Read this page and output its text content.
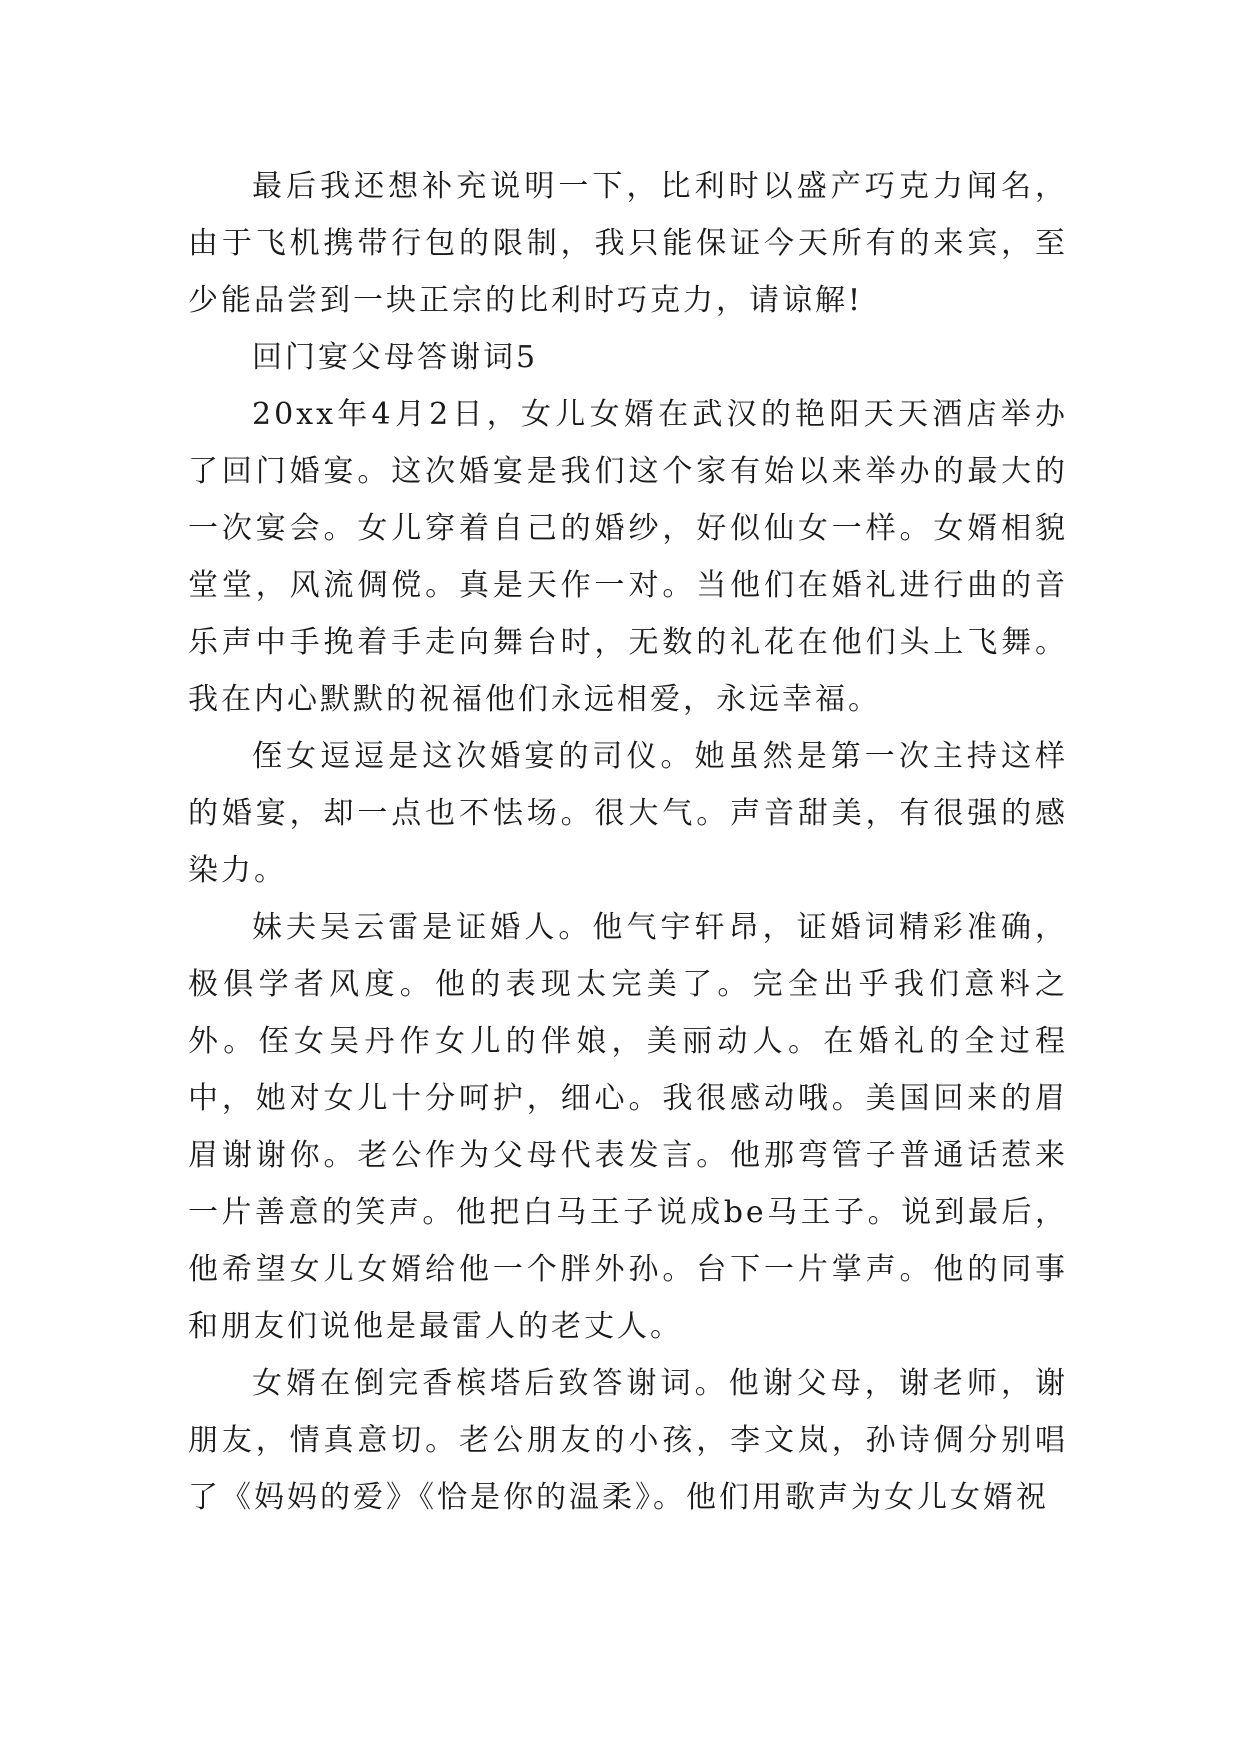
最后我还想补充说明一下，比利时以盛产巧克力闻名，由于飞机携带行包的限制，我只能保证今天所有的来宾，至少能品尝到一块正宗的比利时巧克力，请谅解!

回门宴父母答谢词5

20xx年4月2日，女儿女婿在武汉的艳阳天天酒店举办了回门婚宴。这次婚宴是我们这个家有始以来举办的最大的一次宴会。女儿穿着自己的婚纱，好似仙女一样。女婿相貌堂堂，风流倜傥。真是天作一对。当他们在婚礼进行曲的音乐声中手挽着手走向舞台时，无数的礼花在他们头上飞舞。我在内心默默的祝福他们永远相爱，永远幸福。

侄女逗逗是这次婚宴的司仪。她虽然是第一次主持这样的婚宴，却一点也不怯场。很大气。声音甜美，有很强的感染力。

妹夫吴云雷是证婚人。他气宇轩昂，证婚词精彩准确，极俱学者风度。他的表现太完美了。完全出乎我们意料之外。侄女吴丹作女儿的伴娘，美丽动人。在婚礼的全过程中，她对女儿十分呵护，细心。我很感动哦。美国回来的眉眉谢谢你。老公作为父母代表发言。他那弯管子普通话惹来一片善意的笑声。他把白马王子说成be马王子。说到最后，他希望女儿女婿给他一个胖外孙。台下一片掌声。他的同事和朋友们说他是最雷人的老丈人。

女婿在倒完香槟塔后致答谢词。他谢父母，谢老师，谢朋友，情真意切。老公朋友的小孩，李文岚，孙诗倜分别唱了《妈妈的爱》《恰是你的温柔》。他们用歌声为女儿女婿祝
